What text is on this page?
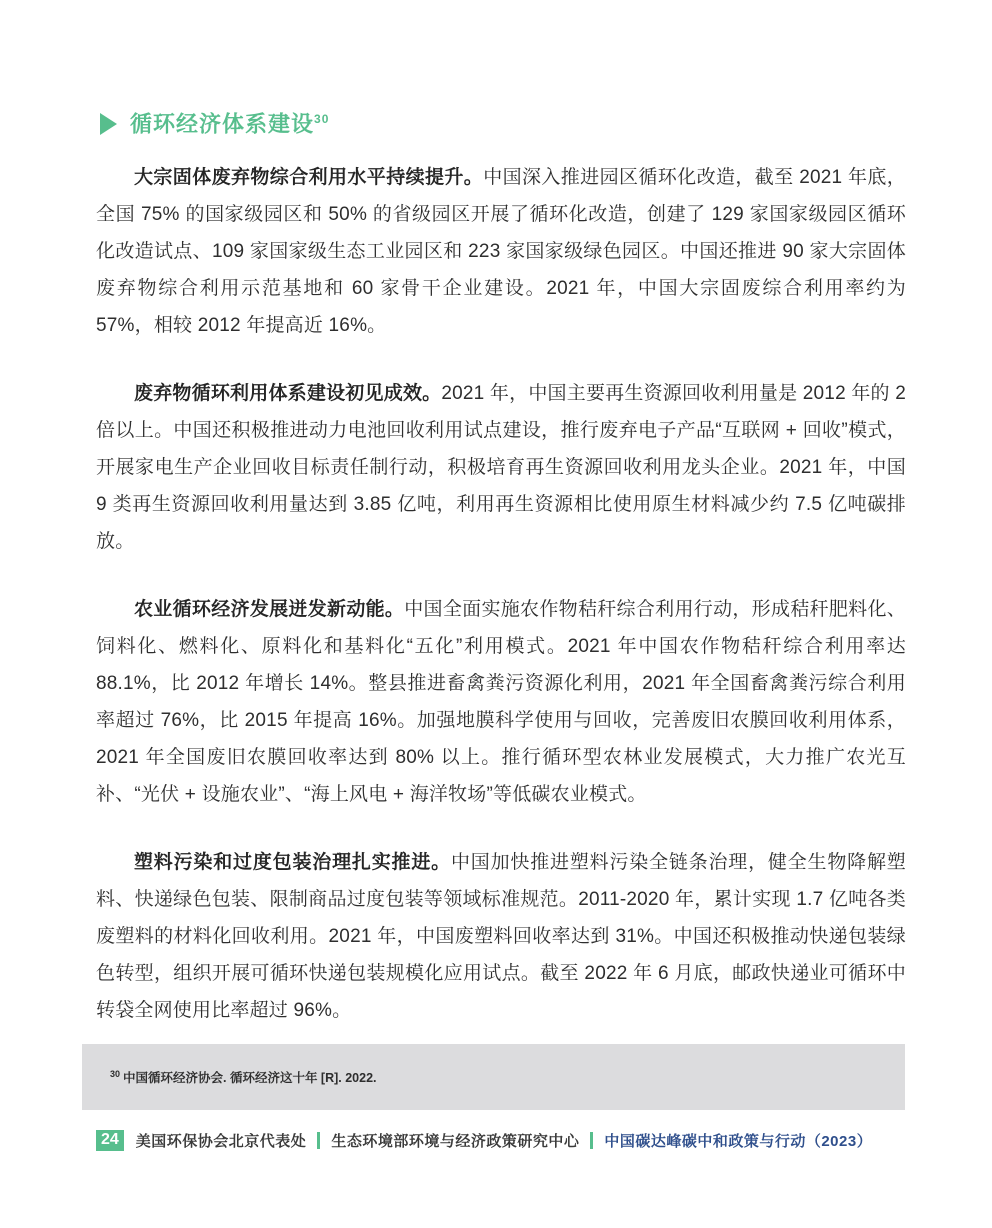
循环经济体系建设$^{30}$

大宗固体废弃物综合利用水平持续提升。中国深入推进园区循环化改造，截至 2021 年底，全国 75% 的国家级园区和 50% 的省级园区开展了循环化改造，创建了 129 家国家级园区循环化改造试点、109 家国家级生态工业园区和 223 家国家级绿色园区。中国还推进 90 家大宗固体废弃物综合利用示范基地和 60 家骨干企业建设。2021 年，中国大宗固废综合利用率约为 57%，相较 2012 年提高近 16%。

废弃物循环利用体系建设初见成效。2021 年，中国主要再生资源回收利用量是 2012 年的 2 倍以上。中国还积极推进动力电池回收利用试点建设，推行废弃电子产品“互联网 + 回收”模式，开展家电生产企业回收目标责任制行动，积极培育再生资源回收利用龙头企业。2021 年，中国 9 类再生资源回收利用量达到 3.85 亿吨，利用再生资源相比使用原生材料减少约 7.5 亿吨碳排放。

农业循环经济发展迸发新动能。中国全面实施农作物秸秆综合利用行动，形成秸秆肥料化、饲料化、燃料化、原料化和基料化“五化”利用模式。2021 年中国农作物秸秆综合利用率达 88.1%，比 2012 年增长 14%。整县推进畜禽粪污资源化利用，2021 年全国畜禽粪污综合利用率超过 76%，比 2015 年提高 16%。加强地膜科学使用与回收，完善废旧农膜回收利用体系，2021 年全国废旧农膜回收率达到 80% 以上。推行循环型农林业发展模式，大力推广农光互补、“光伏 + 设施农业”、“海上风电 + 海洋牧场”等低碳农业模式。

塑料污染和过度包装治理扎实推进。中国加快推进塑料污染全链条治理，健全生物降解塑料、快递绿色包装、限制商品过度包装等领域标准规范。2011‐2020 年，累计实现 1.7 亿吨各类废塑料的材料化回收利用。2021 年，中国废塑料回收率达到 31%。中国还积极推动快递包装绿色转型，组织开展可循环快递包装规模化应用试点。截至 2022 年 6 月底，邮政快递业可循环中转袋全网使用比率超过 96%。

$^{30}$ 中国循环经济协会. 循环经济这十年 [R]. 2022.
24	美国环保协会北京代表处 生态环境部环境与经济政策研究中心 中国碳达峰碳中和政策与行动（2023）
